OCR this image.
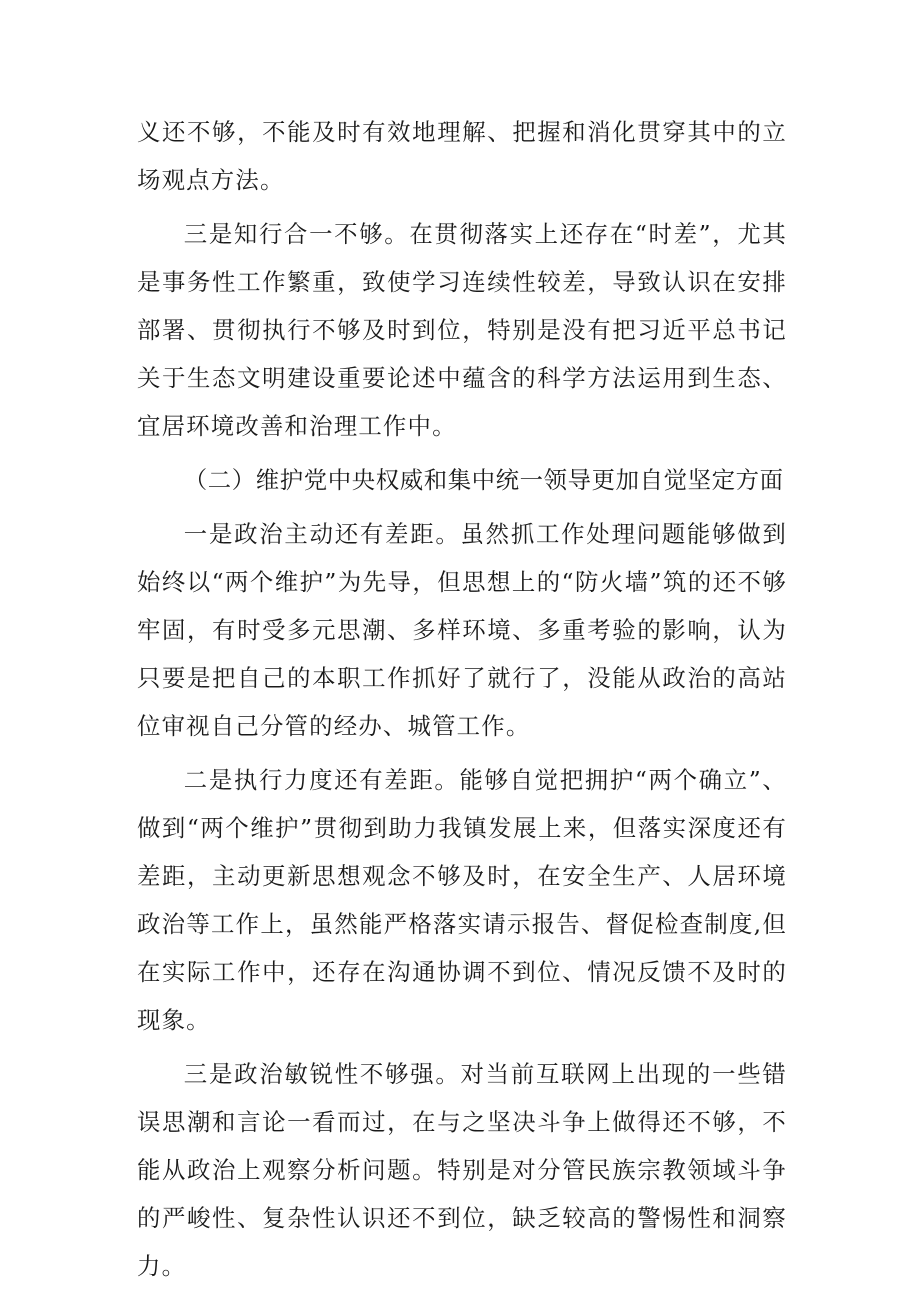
义还不够，不能及时有效地理解、把握和消化贯穿其中的立场观点方法。

三是知行合一不够。在贯彻落实上还存在“时差”，尤其是事务性工作繁重，致使学习连续性较差，导致认识在安排部署、贯彻执行不够及时到位，特别是没有把习近平总书记关于生态文明建设重要论述中蕴含的科学方法运用到生态、宜居环境改善和治理工作中。

（二）维护党中央权威和集中统一领导更加自觉坚定方面

一是政治主动还有差距。虽然抓工作处理问题能够做到始终以“两个维护”为先导，但思想上的“防火墙”筑的还不够牢固，有时受多元思潮、多样环境、多重考验的影响，认为只要是把自己的本职工作抓好了就行了，没能从政治的高站位审视自己分管的经办、城管工作。

二是执行力度还有差距。能够自觉把拥护“两个确立”、做到“两个维护”贯彻到助力我镇发展上来，但落实深度还有差距，主动更新思想观念不够及时，在安全生产、人居环境政治等工作上，虽然能严格落实请示报告、督促检查制度,但在实际工作中，还存在沟通协调不到位、情况反馈不及时的现象。

三是政治敏锐性不够强。对当前互联网上出现的一些错误思潮和言论一看而过，在与之坚决斗争上做得还不够，不能从政治上观察分析问题。特别是对分管民族宗教领域斗争的严峻性、复杂性认识还不到位，缺乏较高的警惕性和洞察力。
